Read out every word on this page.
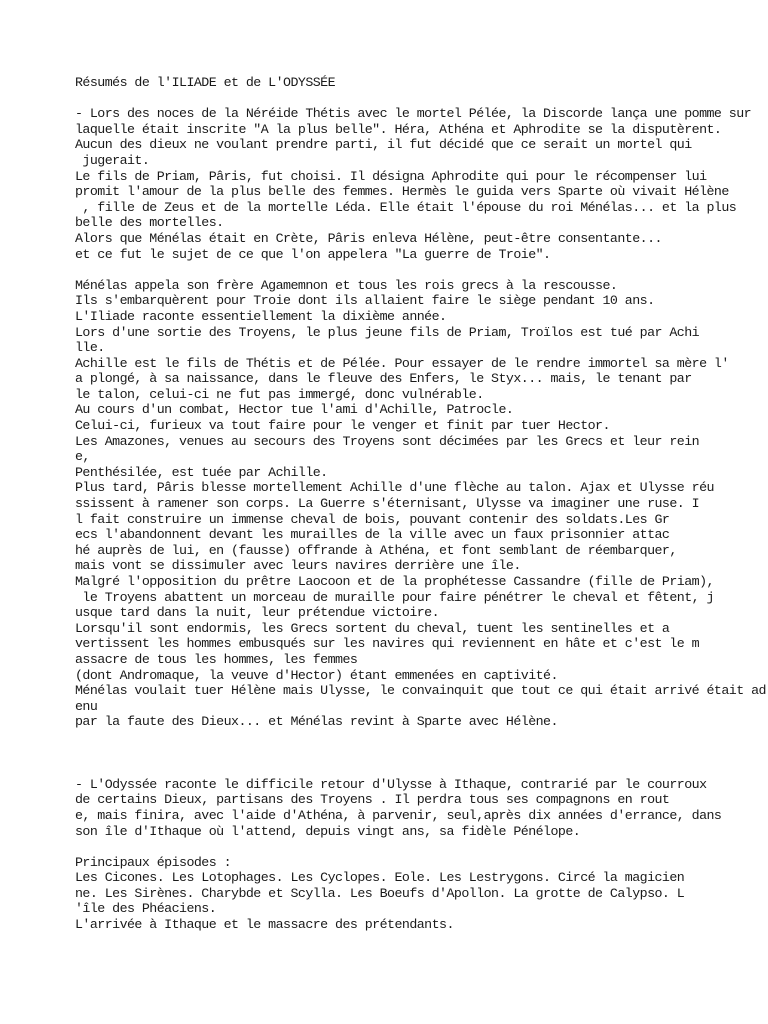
Résumés de l'ILIADE et de L'ODYSSÉE
- Lors des noces de la Néréide Thétis avec le mortel Pélée, la Discorde lança une pomme sur
laquelle était inscrite "A la plus belle". Héra, Athéna et Aphrodite se la disputèrent.
Aucun des dieux ne voulant prendre parti, il fut décidé que ce serait un mortel qui
jugerait.
Le fils de Priam, Pâris, fut choisi. Il désigna Aphrodite qui pour le récompenser lui
promit l'amour de la plus belle des femmes. Hermès le guida vers Sparte où vivait Hélène
, fille de Zeus et de la mortelle Léda. Elle était l'épouse du roi Ménélas... et la plus
belle des mortelles.
Alors que Ménélas était en Crète, Pâris enleva Hélène, peut-être consentante...
et ce fut le sujet de ce que l'on appelera "La guerre de Troie".
Ménélas appela son frère Agamemnon et tous les rois grecs à la rescousse.
Ils s'embarquèrent pour Troie dont ils allaient faire le siège pendant 10 ans.
L'Iliade raconte essentiellement la dixième année.
Lors d'une sortie des Troyens, le plus jeune fils de Priam, Troïlos est tué par Achi
lle.
Achille est le fils de Thétis et de Pélée. Pour essayer de le rendre immortel sa mère l'
a plongé, à sa naissance, dans le fleuve des Enfers, le Styx... mais, le tenant par
le talon, celui-ci ne fut pas immergé, donc vulnérable.
Au cours d'un combat, Hector tue l'ami d'Achille, Patrocle.
Celui-ci, furieux va tout faire pour le venger et finit par tuer Hector.
Les Amazones, venues au secours des Troyens sont décimées par les Grecs et leur rein
e,
Penthésilée, est tuée par Achille.
Plus tard, Pâris blesse mortellement Achille d'une flèche au talon. Ajax et Ulysse réu
ssissent à ramener son corps. La Guerre s'éternisant, Ulysse va imaginer une ruse. I
l fait construire un immense cheval de bois, pouvant contenir des soldats.Les Gr
ecs l'abandonnent devant les murailles de la ville avec un faux prisonnier attac
hé auprès de lui, en (fausse) offrande à Athéna, et font semblant de réembarquer,
mais vont se dissimuler avec leurs navires derrière une île.
Malgré l'opposition du prêtre Laocoon et de la prophétesse Cassandre (fille de Priam),
le Troyens abattent un morceau de muraille pour faire pénétrer le cheval et fêtent, j
usque tard dans la nuit, leur prétendue victoire.
Lorsqu'il sont endormis, les Grecs sortent du cheval, tuent les sentinelles et a
vertissent les hommes embusqués sur les navires qui reviennent en hâte et c'est le m
assacre de tous les hommes, les femmes
(dont Andromaque, la veuve d'Hector) étant emmenées en captivité.
Ménélas voulait tuer Hélène mais Ulysse, le convainquit que tout ce qui était arrivé était ad
enu
par la faute des Dieux... et Ménélas revint à Sparte avec Hélène.
- L'Odyssée raconte le difficile retour d'Ulysse à Ithaque, contrarié par le courroux
de certains Dieux, partisans des Troyens . Il perdra tous ses compagnons en rout
e, mais finira, avec l'aide d'Athéna, à parvenir, seul,après dix années d'errance, dans
son île d'Ithaque où l'attend, depuis vingt ans, sa fidèle Pénélope.
Principaux épisodes :
Les Cicones. Les Lotophages. Les Cyclopes. Eole. Les Lestrygons. Circé la magicien
ne. Les Sirènes. Charybde et Scylla. Les Boeufs d'Apollon. La grotte de Calypso. L
'île des Phéaciens.
L'arrivée à Ithaque et le massacre des prétendants.
